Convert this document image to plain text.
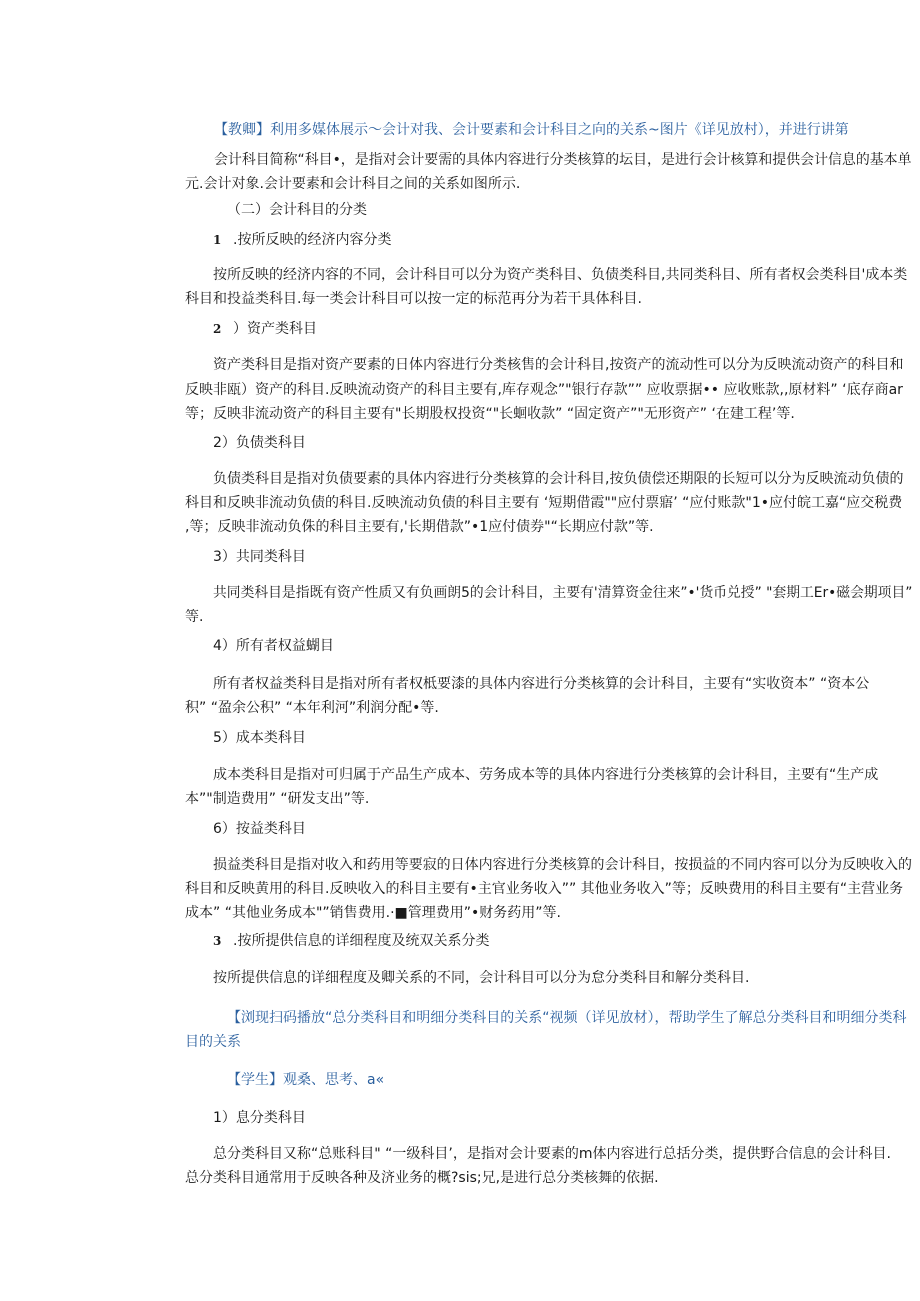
【教卿】利用多媒体展示〜会计对我、会计要素和会计科目之向的关系~图片《详见放村），并进行讲第
会计科目简称“科目•，是指对会计要需的具体内容进行分类核算的坛目，是进行会计核算和提供会计信息的基本单
元.会计对象.会计要素和会计科目之间的关系如图所示.
（二）会计科目的分类
1 .按所反映的经济内容分类
按所反映的经济内容的不同，会计科目可以分为资产类科目、负债类科目,共同类科目、所有者权会类科目'成本类
科目和投益类科目.每一类会计科目可以按一定的标范再分为若干具体科目.
2 ）资产类科目
资产类科目是指对资产要素的日体内容进行分类核售的会计科目,按资产的流动性可以分为反映流动资产的科目和
反映非瓯）资产的科目.反映流动资产的科目主要有,库存观念”"银行存款”” 应收票据•• 应收账款,,原材料” ‘底存商ar
等；反映非流动资产的科目主要有"长期股权投资“"长蛔收款” “固定资产”"无形资产” ‘在建工程’等.
2）负债类科目
负债类科目是指对负债要素的具体内容进行分类核算的会计科目,按负债偿还期限的长短可以分为反映流动负债的
科目和反映非流动负债的科目.反映流动负债的科目主要有 ‘短期借霞""应付票寤’ “应付账款"1•应付皖工嘉“应交税费
,等；反映非流动负侏的科目主要有,'长期借款”•1应付债券"“长期应付款”等.
3）共同类科目
共同类科目是指既有资产性质又有负画朗5的会计科目，主要有'清算资金往来”•'货币兑授” "套期工Er•磁会期项目”
等.
4）所有者权益蝴目
所有者权益类科目是指对所有者权柢要漆的具体内容进行分类核算的会计科目，主要有“实收资本” “资本公
积” “盈余公积” “本年利河”利润分配•等.
5）成本类科目
成本类科目是指对可归属于产品生产成本、劳务成本等的具体内容进行分类核算的会计科目，主要有“生产成
本”"制造费用” “研发支出”等.
6）按益类科目
损益类科目是指对收入和药用等要寂的日体内容进行分类核算的会计科目，按损益的不同内容可以分为反映收入的
科目和反映黄用的科目.反映收入的科目主要有•主官业务收入”” 其他业务收入”等；反映费用的科目主要有“主营业务
成本” “其他业务成本"”销售费用.·■管理费用”•财务药用”等.
3 .按所提供信息的详细程度及统双关系分类
按所提供信息的详细程度及卿关系的不同，会计科目可以分为怠分类科目和解分类科目.
【浏现扫码播放“总分类科目和明细分类科目的关系“视频（详见放材），帮助学生了解总分类科目和明细分类科
目的关系
【学生】观桑、思考、a«
1）息分类科目
总分类科目又称“总账科目" “一级科目’，是指对会计要素的m体内容进行总括分类，提供野合信息的会计科目.
总分类科目通常用于反映各种及济业务的概?sis;兄,是进行总分类核舞的依据.
